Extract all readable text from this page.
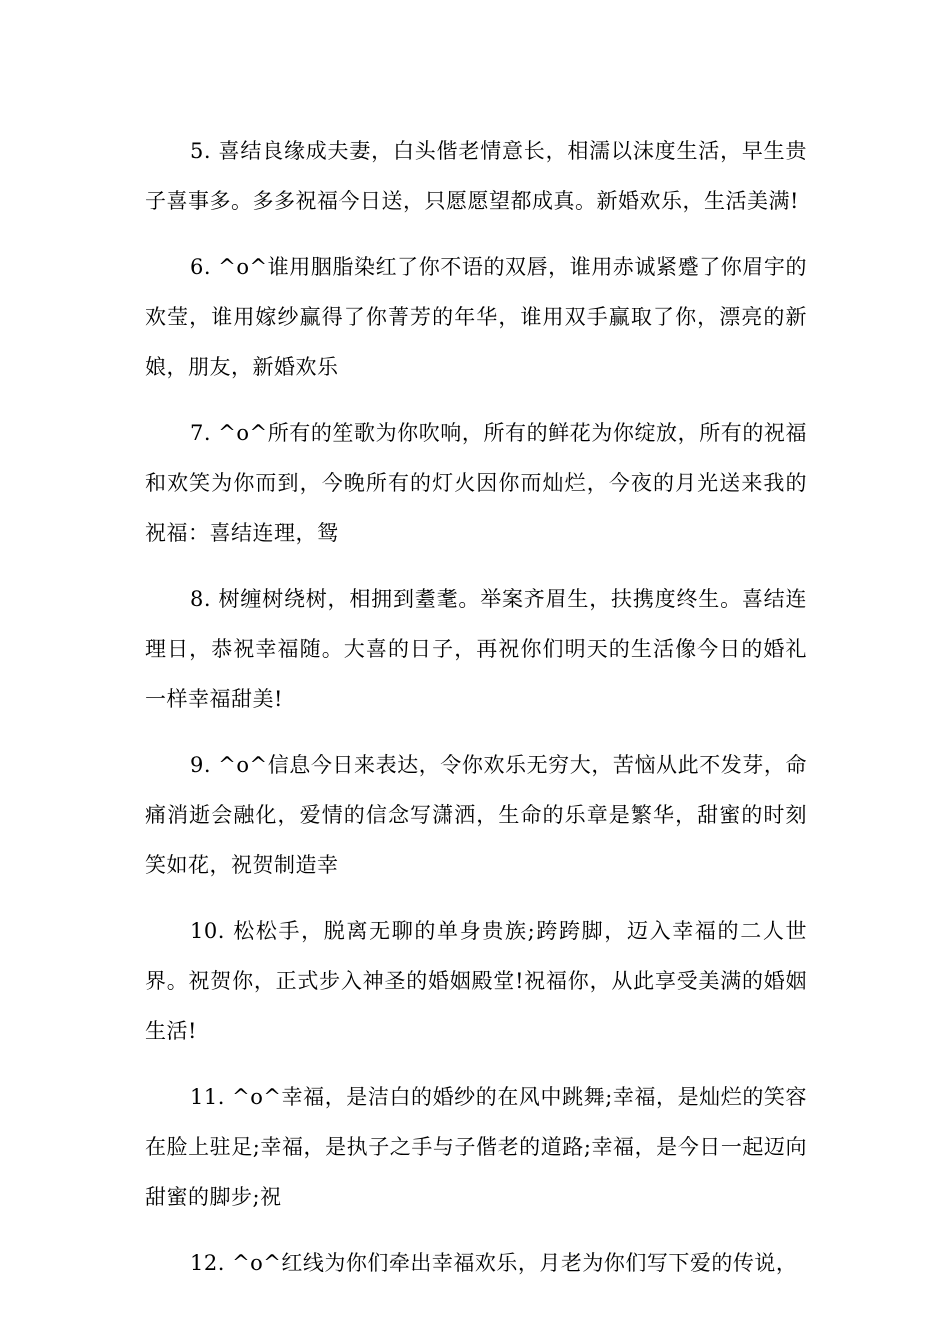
5. 喜结良缘成夫妻，白头偕老情意长，相濡以沫度生活，早生贵子喜事多。多多祝福今日送，只愿愿望都成真。新婚欢乐，生活美满!

6. ^o^谁用胭脂染红了你不语的双唇，谁用赤诚紧蹙了你眉宇的欢莹，谁用嫁纱赢得了你菁芳的年华，谁用双手赢取了你，漂亮的新娘，朋友，新婚欢乐

7. ^o^所有的笙歌为你吹响，所有的鲜花为你绽放，所有的祝福和欢笑为你而到，今晚所有的灯火因你而灿烂，今夜的月光送来我的祝福：喜结连理，鸳

8. 树缠树绕树，相拥到耋耄。举案齐眉生，扶携度终生。喜结连理日，恭祝幸福随。大喜的日子，再祝你们明天的生活像今日的婚礼一样幸福甜美!

9. ^o^信息今日来表达，令你欢乐无穷大，苦恼从此不发芽，命痛消逝会融化，爱情的信念写潇洒，生命的乐章是繁华，甜蜜的时刻笑如花，祝贺制造幸

10. 松松手，脱离无聊的单身贵族;跨跨脚，迈入幸福的二人世界。祝贺你，正式步入神圣的婚姻殿堂!祝福你，从此享受美满的婚姻生活!

11. ^o^幸福，是洁白的婚纱的在风中跳舞;幸福，是灿烂的笑容在脸上驻足;幸福，是执子之手与子偕老的道路;幸福，是今日一起迈向甜蜜的脚步;祝

12. ^o^红线为你们牵出幸福欢乐，月老为你们写下爱的传说，
